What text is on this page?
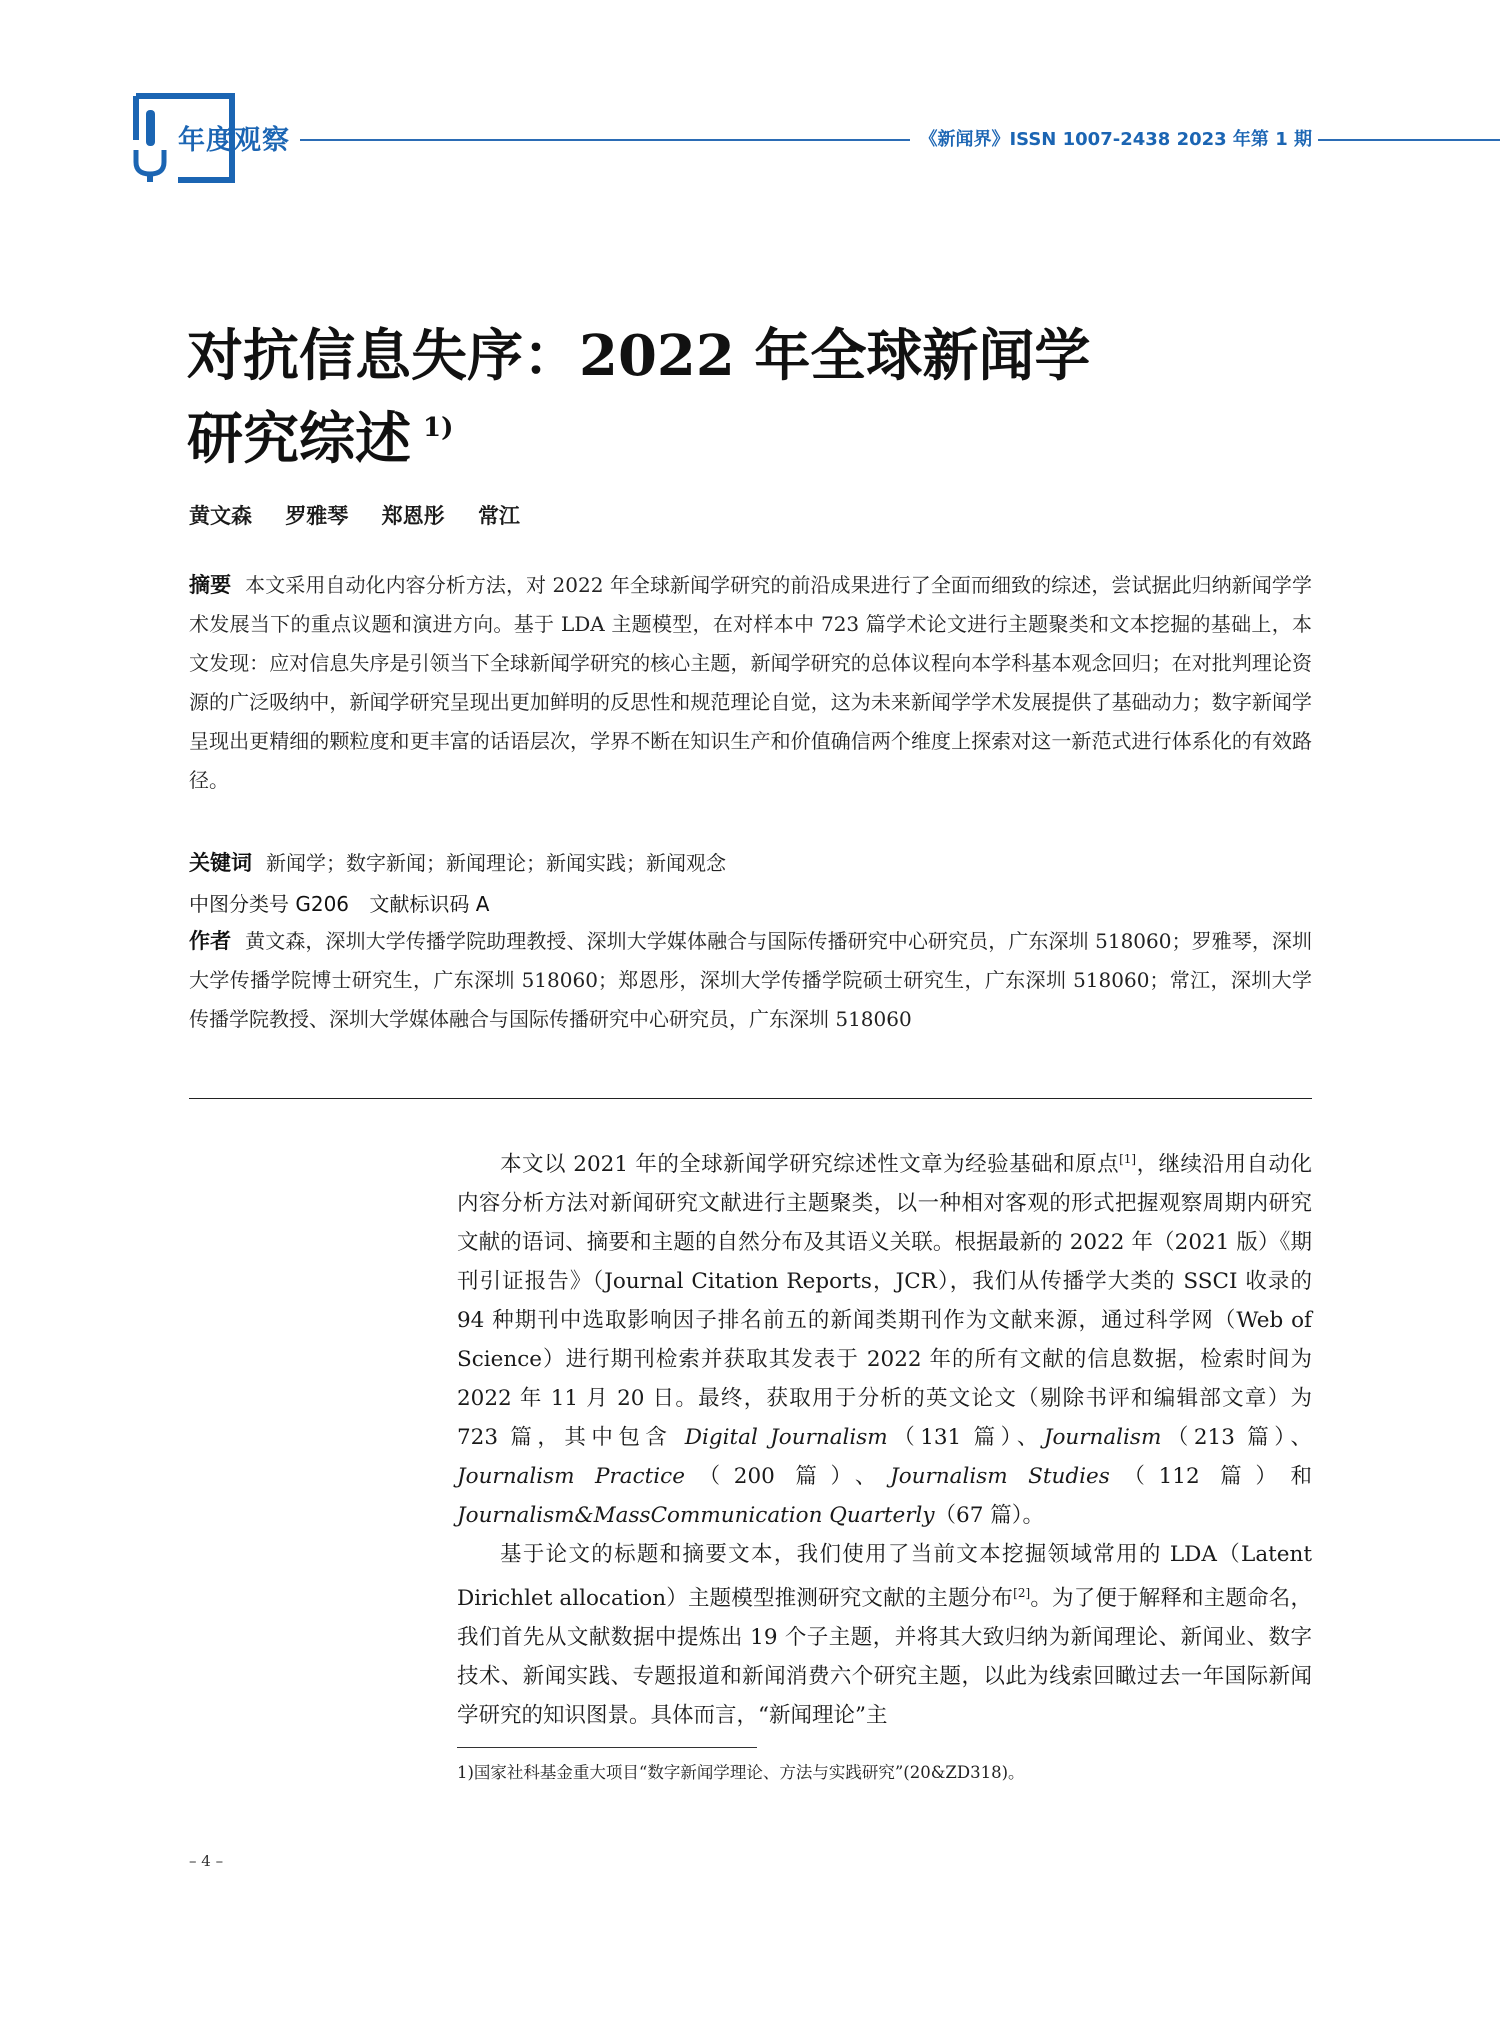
年度观察	《新闻界》ISSN 1007-2438 2023 年第 1 期
对抗信息失序：2022 年全球新闻学
研究综述 $^{1)}$
黄文森 罗雅琴 郑恩彤 常江
摘要 本文采用自动化内容分析方法，对 2022 年全球新闻学研究的前沿成果进行了全面而细致的综述，尝试据此归纳新闻学学术发展当下的重点议题和演进方向。基于 LDA 主题模型，在对样本中 723 篇学术论文进行主题聚类和文本挖掘的基础上，本文发现：应对信息失序是引领当下全球新闻学研究的核心主题，新闻学研究的总体议程向本学科基本观念回归；在对批判理论资源的广泛吸纳中，新闻学研究呈现出更加鲜明的反思性和规范理论自觉，这为未来新闻学学术发展提供了基础动力；数字新闻学呈现出更精细的颗粒度和更丰富的话语层次，学界不断在知识生产和价值确信两个维度上探索对这一新范式进行体系化的有效路径。
关键词 新闻学；数字新闻；新闻理论；新闻实践；新闻观念
中图分类号 G206 文献标识码 A
作者 黄文森，深圳大学传播学院助理教授、深圳大学媒体融合与国际传播研究中心研究员，广东深圳 518060；罗雅琴，深圳大学传播学院博士研究生，广东深圳 518060；郑恩彤，深圳大学传播学院硕士研究生，广东深圳 518060；常江，深圳大学传播学院教授、深圳大学媒体融合与国际传播研究中心研究员，广东深圳 518060

本文以 2021 年的全球新闻学研究综述性文章为经验基础和原点[1]，继续沿用自动化内容分析方法对新闻研究文献进行主题聚类，以一种相对客观的形式把握观察周期内研究文献的语词、摘要和主题的自然分布及其语义关联。根据最新的 2022 年（2021 版）《期刊引证报告》（Journal Citation Reports，JCR），我们从传播学大类的 SSCI 收录的 94 种期刊中选取影响因子排名前五的新闻类期刊作为文献来源，通过科学网（Web of Science）进行期刊检索并获取其发表于 2022 年的所有文献的信息数据，检索时间为 2022 年 11 月 20 日。最终，获取用于分析的英文论文（剔除书评和编辑部文章）为 723 篇，其中包含 Digital Journalism（131 篇）、Journalism（213 篇）、Journalism Practice（200 篇）、Journalism Studies（112 篇）和 Journalism&MassCommunication Quarterly（67 篇）。

基于论文的标题和摘要文本，我们使用了当前文本挖掘领域常用的 LDA（Latent Dirichlet allocation）主题模型推测研究文献的主题分布[2]。为了便于解释和主题命名，我们首先从文献数据中提炼出 19 个子主题，并将其大致归纳为新闻理论、新闻业、数字技术、新闻实践、专题报道和新闻消费六个研究主题，以此为线索回瞰过去一年国际新闻学研究的知识图景。具体而言，“新闻理论”主

1)国家社科基金重大项目“数字新闻学理论、方法与实践研究”(20&ZD318)。
– 4 –
